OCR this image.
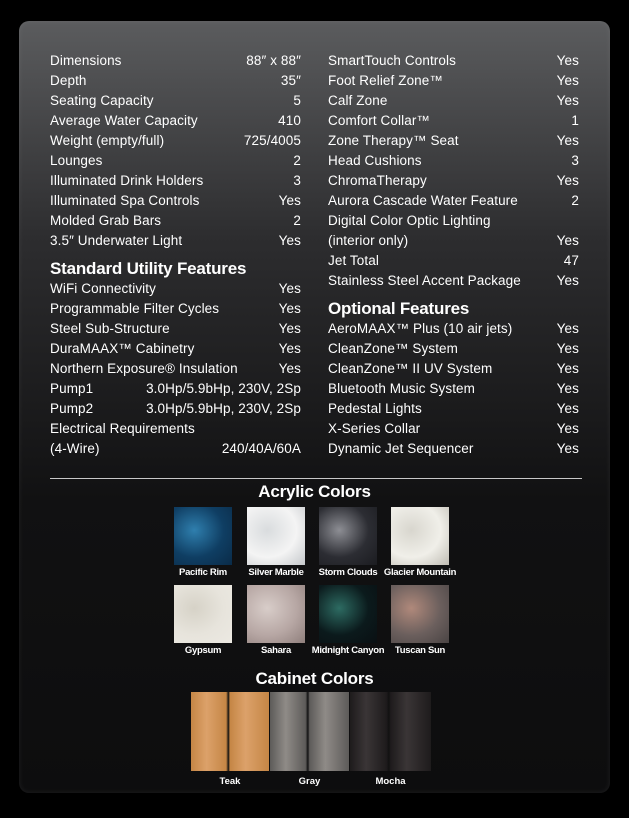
Dimensions	88″ x 88″
Depth	35″
Seating Capacity	5
Average Water Capacity	410
Weight (empty/full)	725/4005
Lounges	2
Illuminated Drink Holders	3
Illuminated Spa Controls	Yes
Molded Grab Bars	2
3.5″ Underwater Light	Yes
Standard Utility Features
WiFi Connectivity	Yes
Programmable Filter Cycles	Yes
Steel Sub-Structure	Yes
DuraMAAX™ Cabinetry	Yes
Northern Exposure® Insulation	Yes
Pump1	3.0Hp/5.9bHp, 230V, 2Sp
Pump2	3.0Hp/5.9bHp, 230V, 2Sp
Electrical Requirements
(4-Wire)	240/40A/60A
SmartTouch Controls	Yes
Foot Relief Zone™	Yes
Calf Zone	Yes
Comfort Collar™	1
Zone Therapy™ Seat	Yes
Head Cushions	3
ChromaTherapy	Yes
Aurora Cascade Water Feature	2
Digital Color Optic Lighting
(interior only)	Yes
Jet Total	47
Stainless Steel Accent Package	Yes
Optional Features
AeroMAAX™ Plus (10 air jets)	Yes
CleanZone™ System	Yes
CleanZone™ II UV System	Yes
Bluetooth Music System	Yes
Pedestal Lights	Yes
X-Series Collar	Yes
Dynamic Jet Sequencer	Yes
Acrylic Colors
Pacific Rim	Silver Marble	Storm Clouds Glacier Mountain
Gypsum	Sahara	Midnight Canyon	Tuscan Sun
Cabinet Colors
Teak	Gray	Mocha
